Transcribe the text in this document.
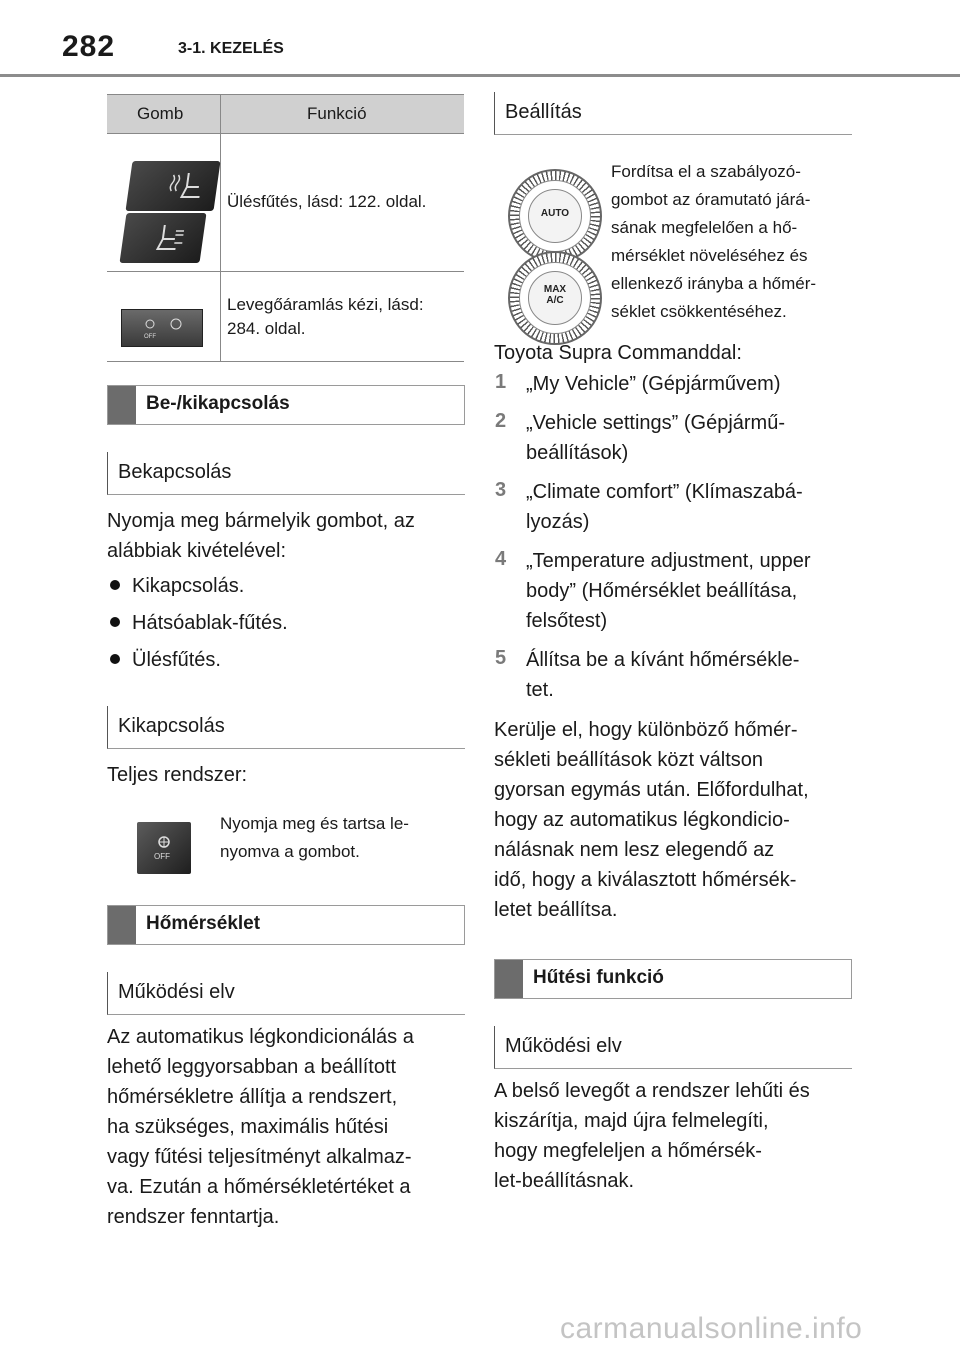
282	3-1. KEZELÉS
Gomb	Funkció
Ülésfűtés, lásd: 122. oldal.
OFF
Levegőáramlás kézi, lásd:
284. oldal.
Be-/kikapcsolás
Bekapcsolás
Nyomja meg bármelyik gombot, az
alábbiak kivételével:
Kikapcsolás.
Hátsóablak-fűtés.
Ülésfűtés.
Kikapcsolás
Teljes rendszer:
OFF
Nyomja meg és tartsa le-
nyomva a gombot.
Hőmérséklet
Működési elv
Az automatikus légkondicionálás a
lehető leggyorsabban a beállított
hőmérsékletre állítja a rendszert,
ha szükséges, maximális hűtési
vagy fűtési teljesítményt alkalmaz-
va. Ezután a hőmérsékletértéket a
rendszer fenntartja.
Beállítás
AUTO
MAX
A/C
Fordítsa el a szabályozó-
gombot az óramutató járá-
sának megfelelően a hő-
mérséklet növeléséhez és
ellenkező irányba a hőmér-
séklet csökkentéséhez.
Toyota Supra Commanddal:
1 „My Vehicle” (Gépjárművem)
2 „Vehicle settings” (Gépjármű-
beállítások)
3 „Climate comfort” (Klímaszabá-
lyozás)
4 „Temperature adjustment, upper
body” (Hőmérséklet beállítása,
felsőtest)
5 Állítsa be a kívánt hőmérsékle-
tet.
Kerülje el, hogy különböző hőmér-
sékleti beállítások közt váltson
gyorsan egymás után. Előfordulhat,
hogy az automatikus légkondicio-
nálásnak nem lesz elegendő az
idő, hogy a kiválasztott hőmérsék-
letet beállítsa.
Hűtési funkció
Működési elv
A belső levegőt a rendszer lehűti és
kiszárítja, majd újra felmelegíti,
hogy megfeleljen a hőmérsék-
let-beállításnak.
carmanualsonline.info
